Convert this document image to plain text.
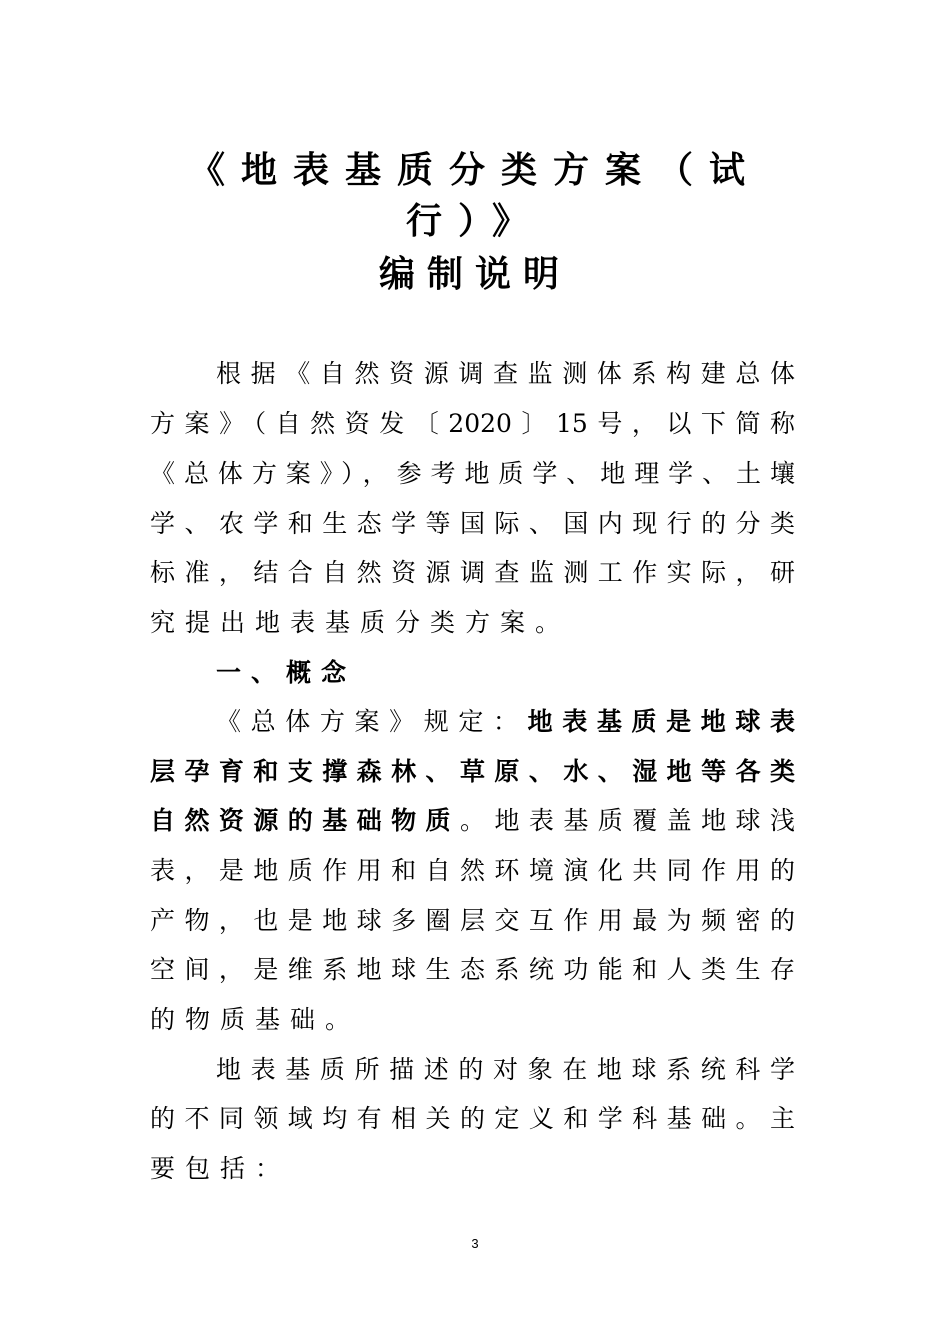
《地表基质分类方案（试
行）》
编制说明
根据《自然资源调查监测体系构建总体
方案》（自然资发〔2020〕15号，以下简称
《总体方案》），参考地质学、地理学、土壤
学、农学和生态学等国际、国内现行的分类
标准，结合自然资源调查监测工作实际，研
究提出地表基质分类方案。
一、概念
《总体方案》规定：地表基质是地球表
层孕育和支撑森林、草原、水、湿地等各类
自然资源的基础物质。地表基质覆盖地球浅
表，是地质作用和自然环境演化共同作用的
产物，也是地球多圈层交互作用最为频密的
空间，是维系地球生态系统功能和人类生存
的物质基础。
地表基质所描述的对象在地球系统科学
的不同领域均有相关的定义和学科基础。主
要包括：
3
